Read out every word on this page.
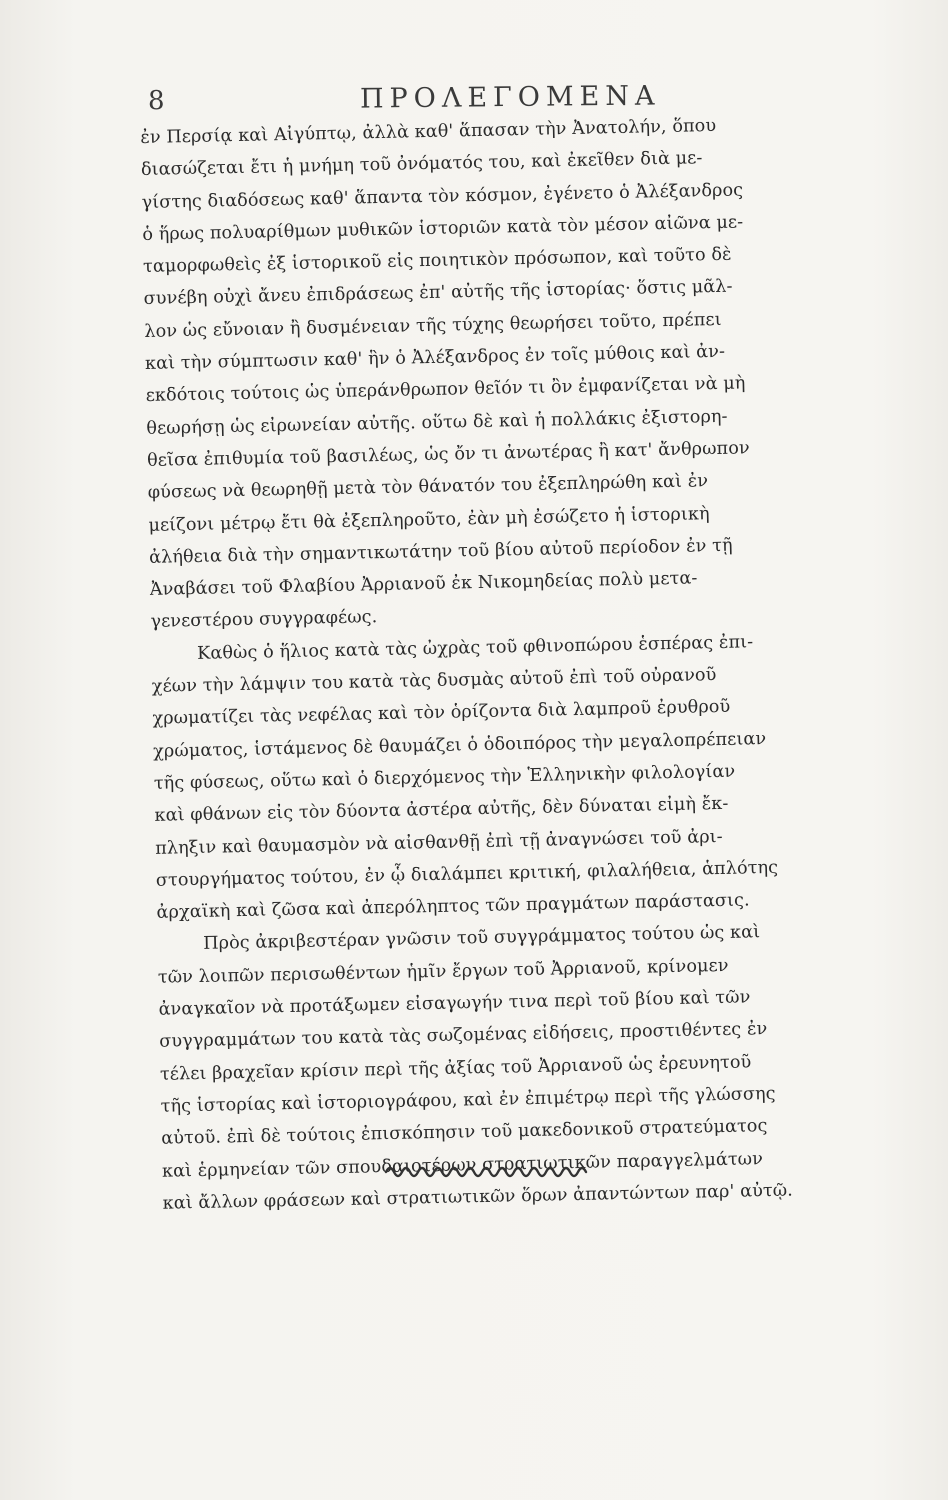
8	ΠΡΟΛΕΓΟΜΕΝΑ
ἐν Περσίᾳ καὶ Αἰγύπτῳ, ἀλλὰ καθ' ἅπασαν τὴν Ἀνατολήν, ὅπου
διασώζεται ἔτι ἡ μνήμη τοῦ ὀνόματός του, καὶ ἐκεῖθεν διὰ με-
γίστης διαδόσεως καθ' ἅπαντα τὸν κόσμον, ἐγένετο ὁ Ἀλέξανδρος
ὁ ἥρως πολυαρίθμων μυθικῶν ἱστοριῶν κατὰ τὸν μέσον αἰῶνα με-
ταμορφωθεὶς ἐξ ἱστορικοῦ εἰς ποιητικὸν πρόσωπον, καὶ τοῦτο δὲ
συνέβη οὐχὶ ἄνευ ἐπιδράσεως ἐπ' αὐτῆς τῆς ἱστορίας· ὅστις μᾶλ-
λον ὡς εὔνοιαν ἢ δυσμένειαν τῆς τύχης θεωρήσει τοῦτο, πρέπει
καὶ τὴν σύμπτωσιν καθ' ἣν ὁ Ἀλέξανδρος ἐν τοῖς μύθοις καὶ ἀν-
εκδότοις τούτοις ὡς ὑπεράνθρωπον θεῖόν τι ὂν ἐμφανίζεται νὰ μὴ
θεωρήσῃ ὡς εἰρωνείαν αὐτῆς. οὕτω δὲ καὶ ἡ πολλάκις ἐξιστορη-
θεῖσα ἐπιθυμία τοῦ βασιλέως, ὡς ὄν τι ἀνωτέρας ἢ κατ' ἄνθρωπον
φύσεως νὰ θεωρηθῇ μετὰ τὸν θάνατόν του ἐξεπληρώθη καὶ ἐν
μείζονι μέτρῳ ἔτι θὰ ἐξεπληροῦτο, ἐὰν μὴ ἐσώζετο ἡ ἱστορικὴ
ἀλήθεια διὰ τὴν σημαντικωτάτην τοῦ βίου αὐτοῦ περίοδον ἐν τῇ
Ἀναβάσει τοῦ Φλαβίου Ἀρριανοῦ ἐκ Νικομηδείας πολὺ μετα-
γενεστέρου συγγραφέως.
Καθὼς ὁ ἥλιος κατὰ τὰς ὠχρὰς τοῦ φθινοπώρου ἑσπέρας ἐπι-
χέων τὴν λάμψιν του κατὰ τὰς δυσμὰς αὐτοῦ ἐπὶ τοῦ οὐρανοῦ
χρωματίζει τὰς νεφέλας καὶ τὸν ὁρίζοντα διὰ λαμπροῦ ἐρυθροῦ
χρώματος, ἱστάμενος δὲ θαυμάζει ὁ ὁδοιπόρος τὴν μεγαλοπρέπειαν
τῆς φύσεως, οὕτω καὶ ὁ διερχόμενος τὴν Ἑλληνικὴν φιλολογίαν
καὶ φθάνων εἰς τὸν δύοντα ἀστέρα αὐτῆς, δὲν δύναται εἰμὴ ἔκ-
πληξιν καὶ θαυμασμὸν νὰ αἰσθανθῇ ἐπὶ τῇ ἀναγνώσει τοῦ ἀρι-
στουργήματος τούτου, ἐν ᾧ διαλάμπει κριτική, φιλαλήθεια, ἁπλότης
ἀρχαϊκὴ καὶ ζῶσα καὶ ἀπερόληπτος τῶν πραγμάτων παράστασις.
Πρὸς ἀκριβεστέραν γνῶσιν τοῦ συγγράμματος τούτου ὡς καὶ
τῶν λοιπῶν περισωθέντων ἡμῖν ἔργων τοῦ Ἀρριανοῦ, κρίνομεν
ἀναγκαῖον νὰ προτάξωμεν εἰσαγωγήν τινα περὶ τοῦ βίου καὶ τῶν
συγγραμμάτων του κατὰ τὰς σωζομένας εἰδήσεις, προστιθέντες ἐν
τέλει βραχεῖαν κρίσιν περὶ τῆς ἀξίας τοῦ Ἀρριανοῦ ὡς ἐρευνητοῦ
τῆς ἱστορίας καὶ ἱστοριογράφου, καὶ ἐν ἐπιμέτρῳ περὶ τῆς γλώσσης
αὐτοῦ. ἐπὶ δὲ τούτοις ἐπισκόπησιν τοῦ μακεδονικοῦ στρατεύματος
καὶ ἑρμηνείαν τῶν σπουδαιοτέρων στρατιωτικῶν παραγγελμάτων
καὶ ἄλλων φράσεων καὶ στρατιωτικῶν ὅρων ἀπαντώντων παρ' αὐτῷ.
